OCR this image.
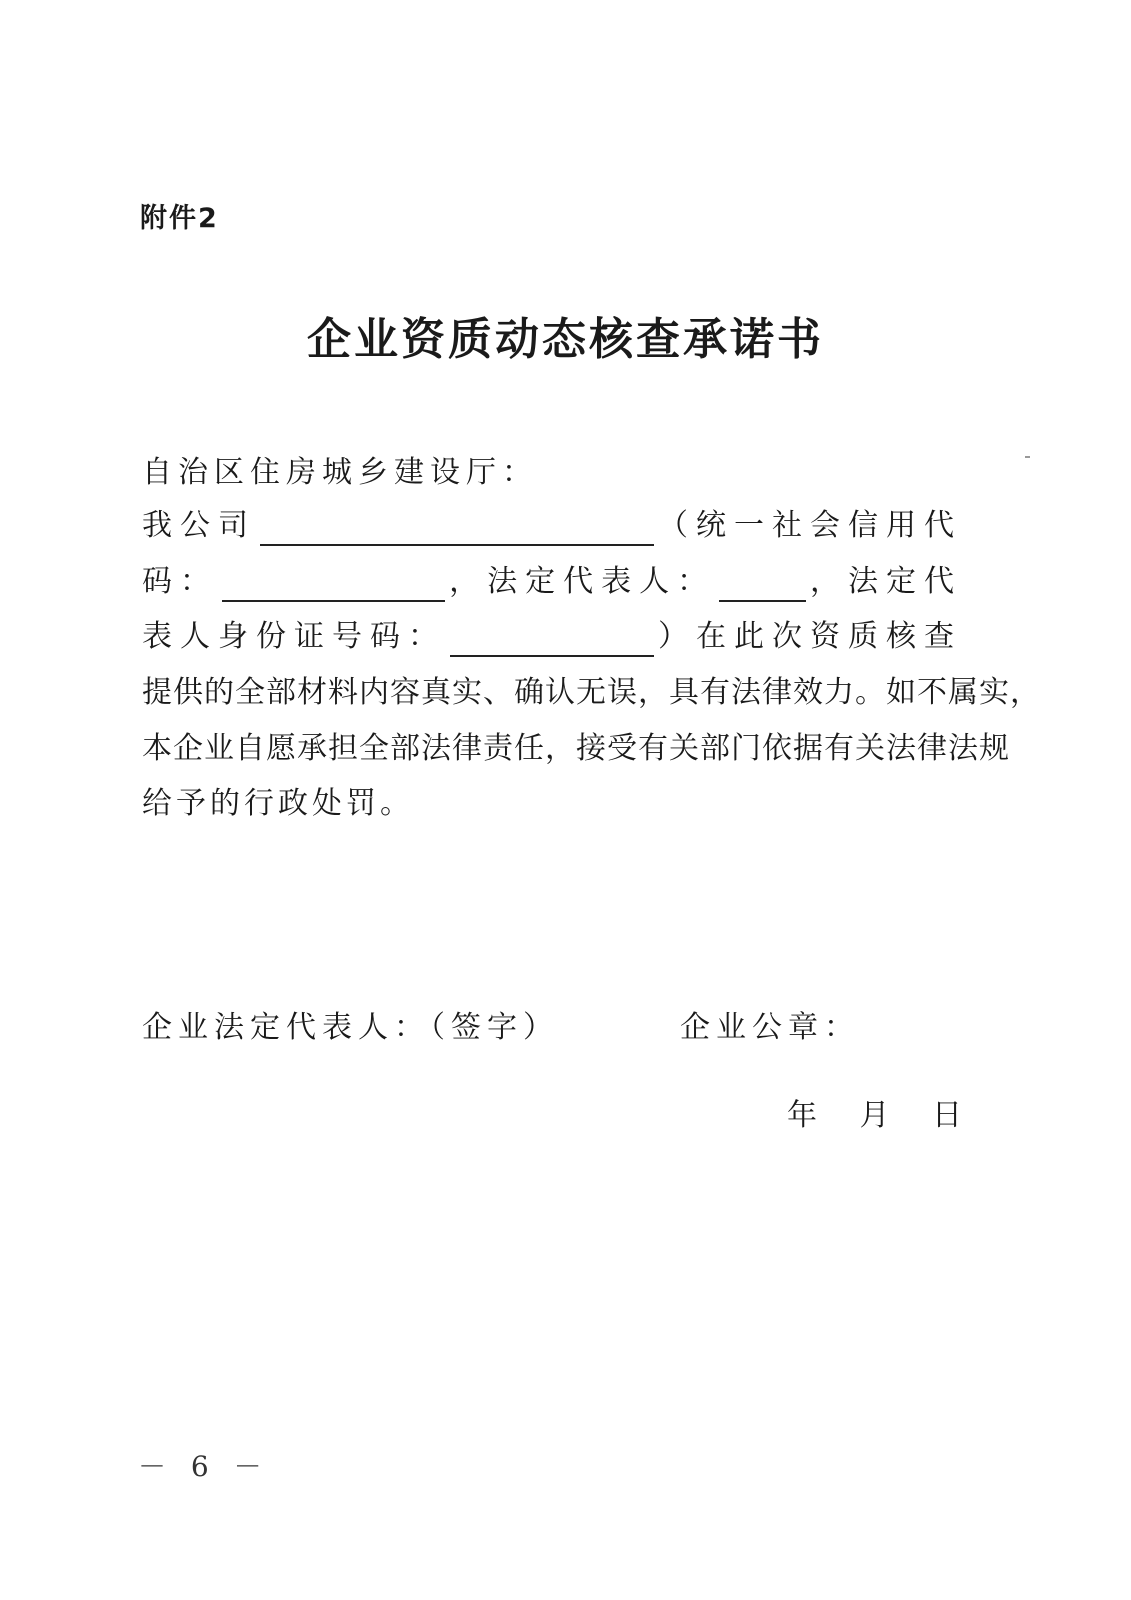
附件2
企业资质动态核查承诺书
自治区住房城乡建设厅：
我公司	（统一社会信用代
码：	，法定代表人：	，法定代
表人身份证号码：	）在此次资质核查
提供的全部材料内容真实、确认无误，具有法律效力。如不属实，
本企业自愿承担全部法律责任，接受有关部门依据有关法律法规
给予的行政处罚。
企业法定代表人：（签字）	企业公章：
年 月 日
－ 6 －
